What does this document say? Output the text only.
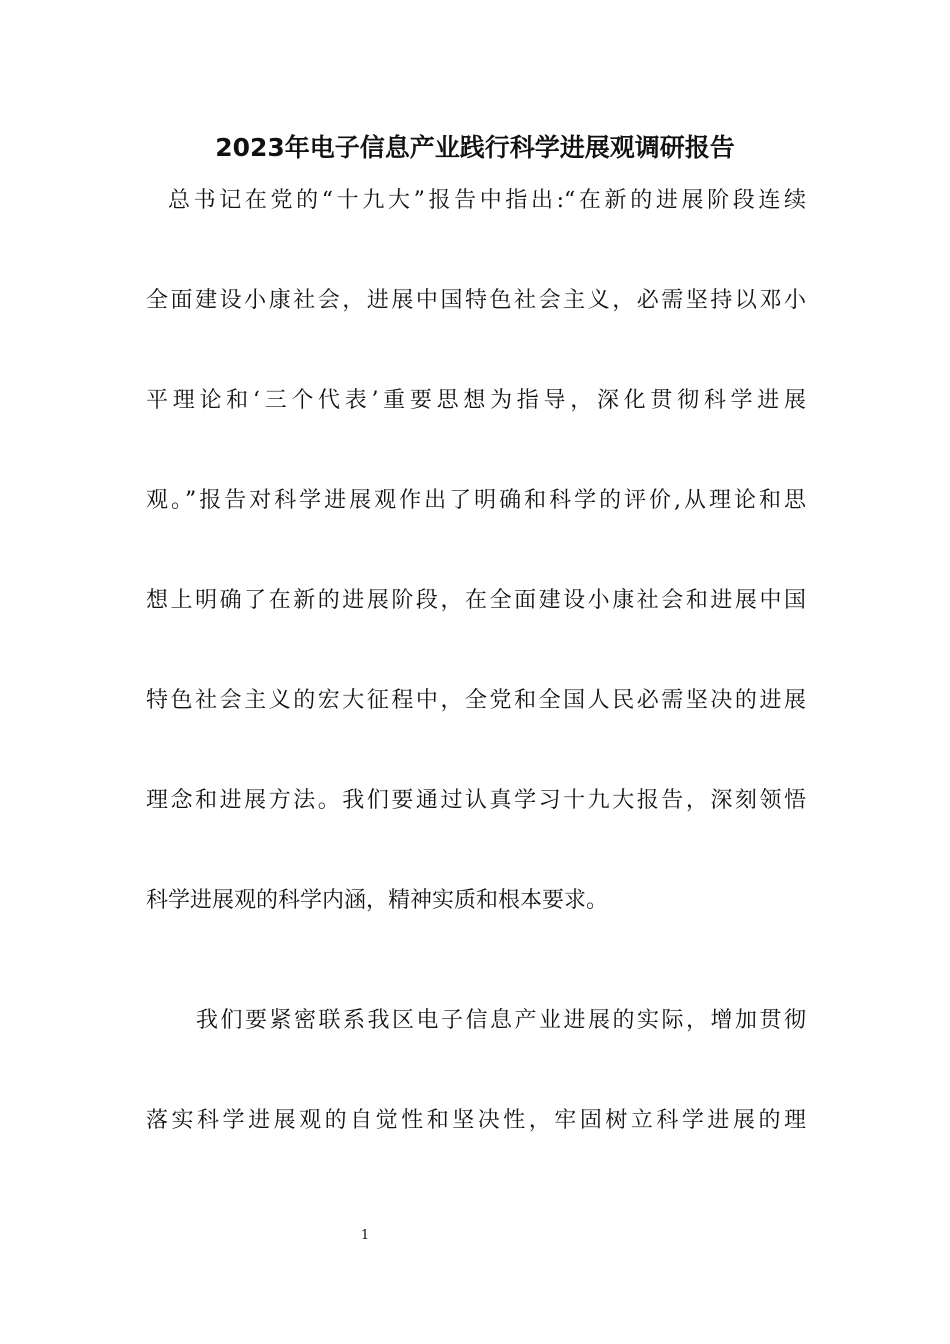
2023年电子信息产业践行科学进展观调研报告
总书记在党的“十九大”报告中指出:“在新的进展阶段连续
全面建设小康社会，进展中国特色社会主义，必需坚持以邓小
平理论和‘三个代表’重要思想为指导，深化贯彻科学进展
观。”报告对科学进展观作出了明确和科学的评价,从理论和思
想上明确了在新的进展阶段，在全面建设小康社会和进展中国
特色社会主义的宏大征程中，全党和全国人民必需坚决的进展
理念和进展方法。我们要通过认真学习十九大报告，深刻领悟
科学进展观的科学内涵，精神实质和根本要求。
我们要紧密联系我区电子信息产业进展的实际，增加贯彻
落实科学进展观的自觉性和坚决性，牢固树立科学进展的理
1
